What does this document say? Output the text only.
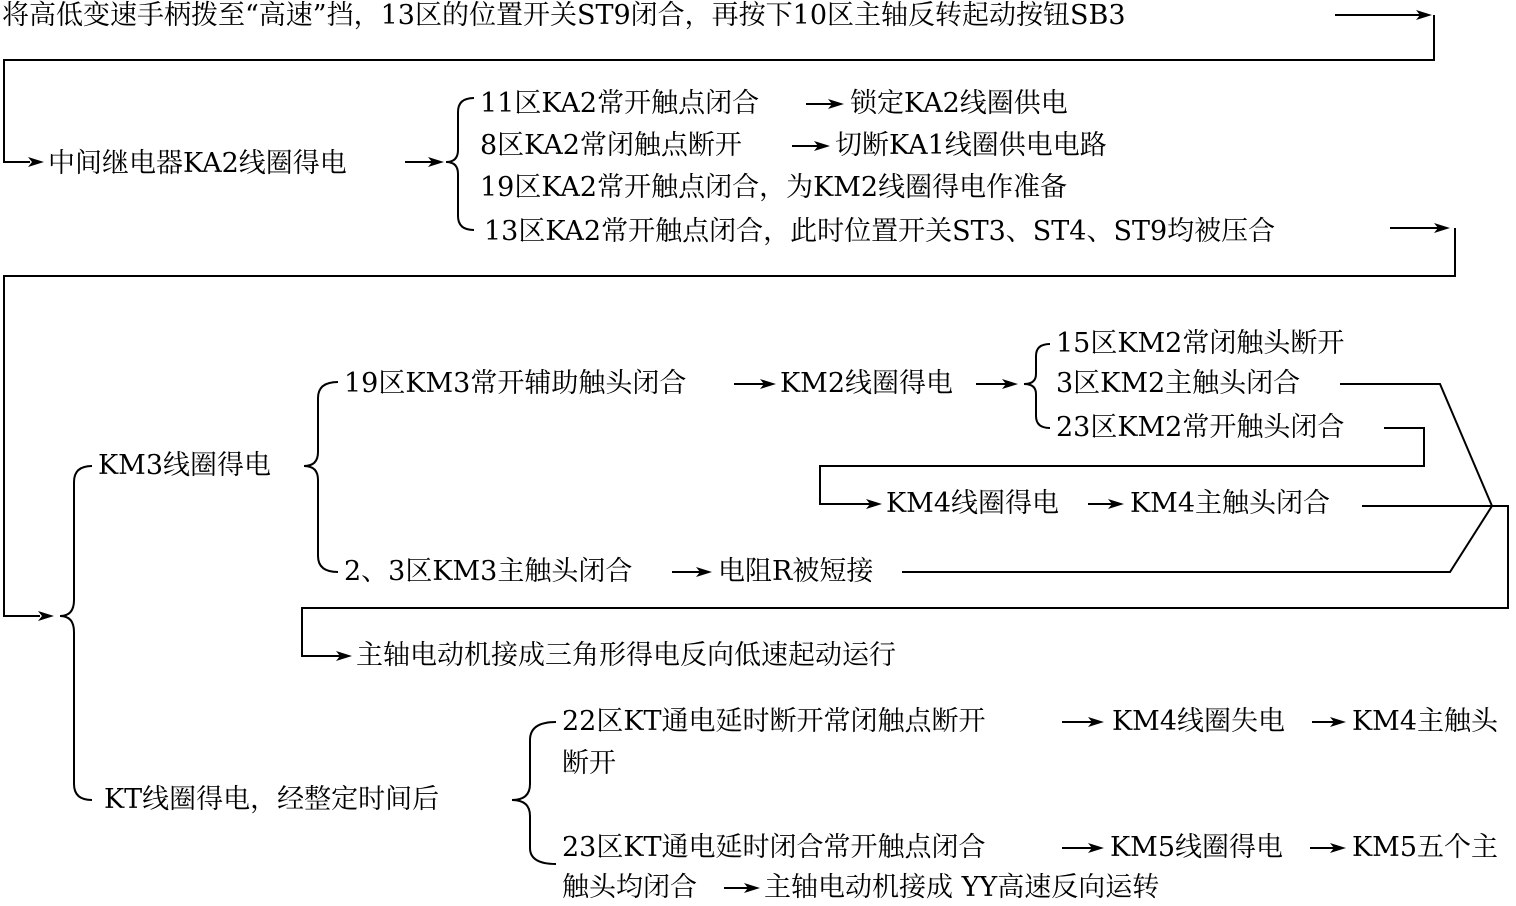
将高低变速手柄拨至“高速”挡，13区的位置开关ST9闭合，再按下10区主轴反转起动按钮SB3
中间继电器KA2线圈得电
11区KA2常开触点闭合	锁定KA2线圈供电
8区KA2常闭触点断开	切断KA1线圈供电电路
19区KA2常开触点闭合，为KM2线圈得电作准备
13区KA2常开触点闭合，此时位置开关ST3、ST4、ST9均被压合
KM3线圈得电
19区KM3常开辅助触头闭合	KM2线圈得电
15区KM2常闭触头断开
3区KM2主触头闭合
23区KM2常开触头闭合
KM4线圈得电	KM4主触头闭合
2、3区KM3主触头闭合	电阻R被短接
主轴电动机接成三角形得电反向低速起动运行
KT线圈得电，经整定时间后
22区KT通电延时断开常闭触点断开	KM4线圈失电 KM4主触头
断开
23区KT通电延时闭合常开触点闭合	KM5线圈得电	KM5五个主
触头均闭合 主轴电动机接成 YY高速反向运转
